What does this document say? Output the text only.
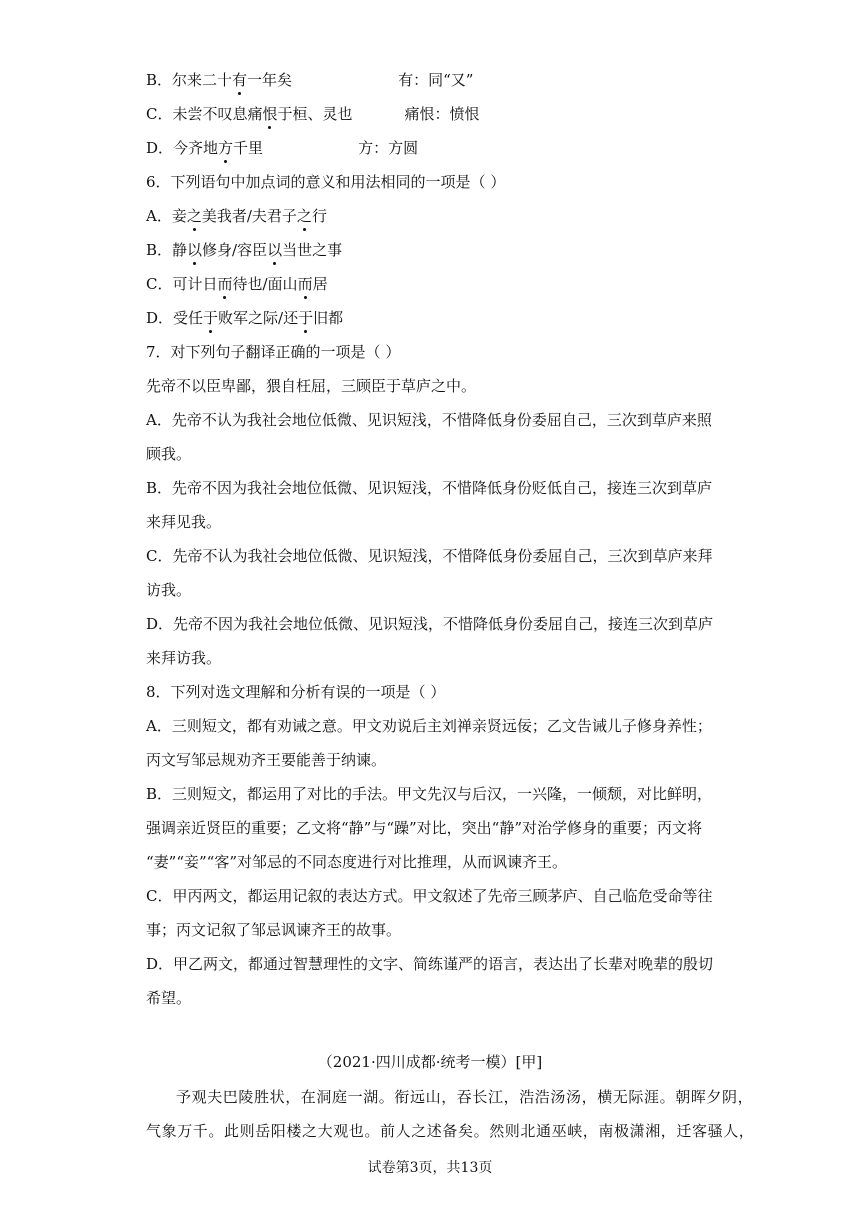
B．尔来二十有一年矣	有：同“又”
C．未尝不叹息痛恨于桓、灵也	痛恨：愤恨
D．今齐地方千里	方：方圆
6．下列语句中加点词的意义和用法相同的一项是（ ）
A．妾之美我者/夫君子之行
B．静以修身/容臣以当世之事
C．可计日而待也/面山而居
D．受任于败军之际/还于旧都
7．对下列句子翻译正确的一项是（ ）
先帝不以臣卑鄙，猥自枉屈，三顾臣于草庐之中。
A．先帝不认为我社会地位低微、见识短浅，不惜降低身份委屈自己，三次到草庐来照
顾我。
B．先帝不因为我社会地位低微、见识短浅，不惜降低身份贬低自己，接连三次到草庐
来拜见我。
C．先帝不认为我社会地位低微、见识短浅，不惜降低身份委屈自己，三次到草庐来拜
访我。
D．先帝不因为我社会地位低微、见识短浅，不惜降低身份委屈自己，接连三次到草庐
来拜访我。
8．下列对选文理解和分析有误的一项是（ ）
A．三则短文，都有劝诫之意。甲文劝说后主刘禅亲贤远佞；乙文告诫儿子修身养性；
丙文写邹忌规劝齐王要能善于纳谏。
B．三则短文，都运用了对比的手法。甲文先汉与后汉，一兴隆，一倾颓，对比鲜明，
强调亲近贤臣的重要；乙文将“静”与“躁”对比，突出“静”对治学修身的重要；丙文将
“妻”“妾”“客”对邹忌的不同态度进行对比推理，从而讽谏齐王。
C．甲丙两文，都运用记叙的表达方式。甲文叙述了先帝三顾茅庐、自己临危受命等往
事；丙文记叙了邹忌讽谏齐王的故事。
D．甲乙两文，都通过智慧理性的文字、简练谨严的语言，表达出了长辈对晚辈的殷切
希望。
（2021·四川成都·统考一模）[甲]
予观夫巴陵胜状，在洞庭一湖。衔远山，吞长江，浩浩汤汤，横无际涯。朝晖夕阴，
气象万千。此则岳阳楼之大观也。前人之述备矣。然则北通巫峡，南极潇湘，迁客骚人，
试卷第3页，共13页
